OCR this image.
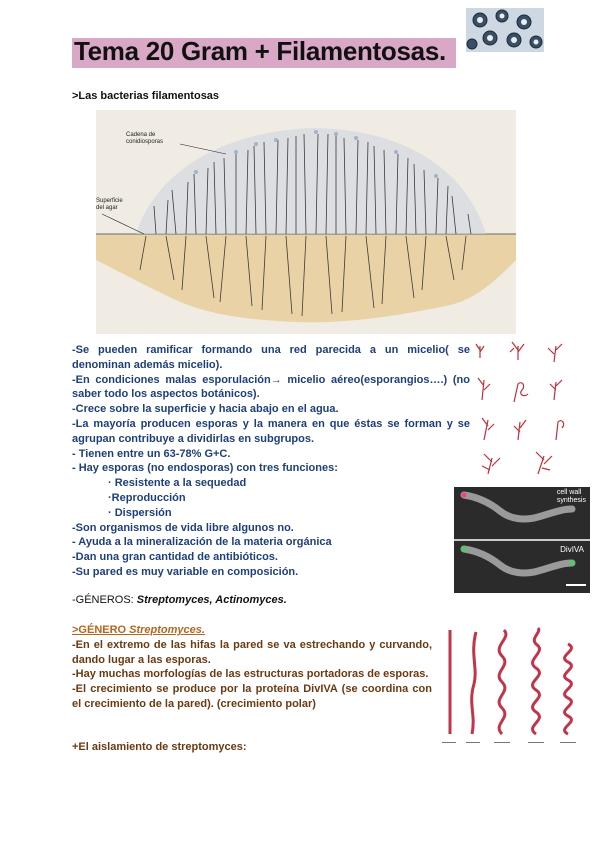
Tema 20 Gram + Filamentosas.
>Las bacterias filamentosas
Cadena de
conidiosporas
Superficie
del agar
-Se pueden ramificar formando una red parecida a un micelio( se denominan además micelio).
-En condiciones malas esporulación→ micelio aéreo(esporangios….) (no saber todo los aspectos botánicos).
-Crece sobre la superficie y hacia abajo en el agua.
-La mayoría producen esporas y la manera en que éstas se forman y se agrupan contribuye a dividirlas en subgrupos.
- Tienen entre un 63-78% G+C.
- Hay esporas (no endosporas) con tres funciones:
· Resistente a la sequedad
·Reproducción
· Dispersión
-Son organismos de vida libre algunos no.
- Ayuda a la mineralización de la materia orgánica
-Dan una gran cantidad de antibióticos.
-Su pared es muy variable en composición.
cell wall
synthesis
DivIVA
-GÉNEROS: Streptomyces, Actinomyces.
>GÉNERO Streptomyces.
-En el extremo de las hifas la pared se va estrechando y curvando, dando lugar a las esporas.
-Hay muchas morfologías de las estructuras portadoras de esporas.
-El crecimiento se produce por la proteína DivIVA (se coordina con el crecimiento de la pared). (crecimiento polar)
+El aislamiento de streptomyces:
